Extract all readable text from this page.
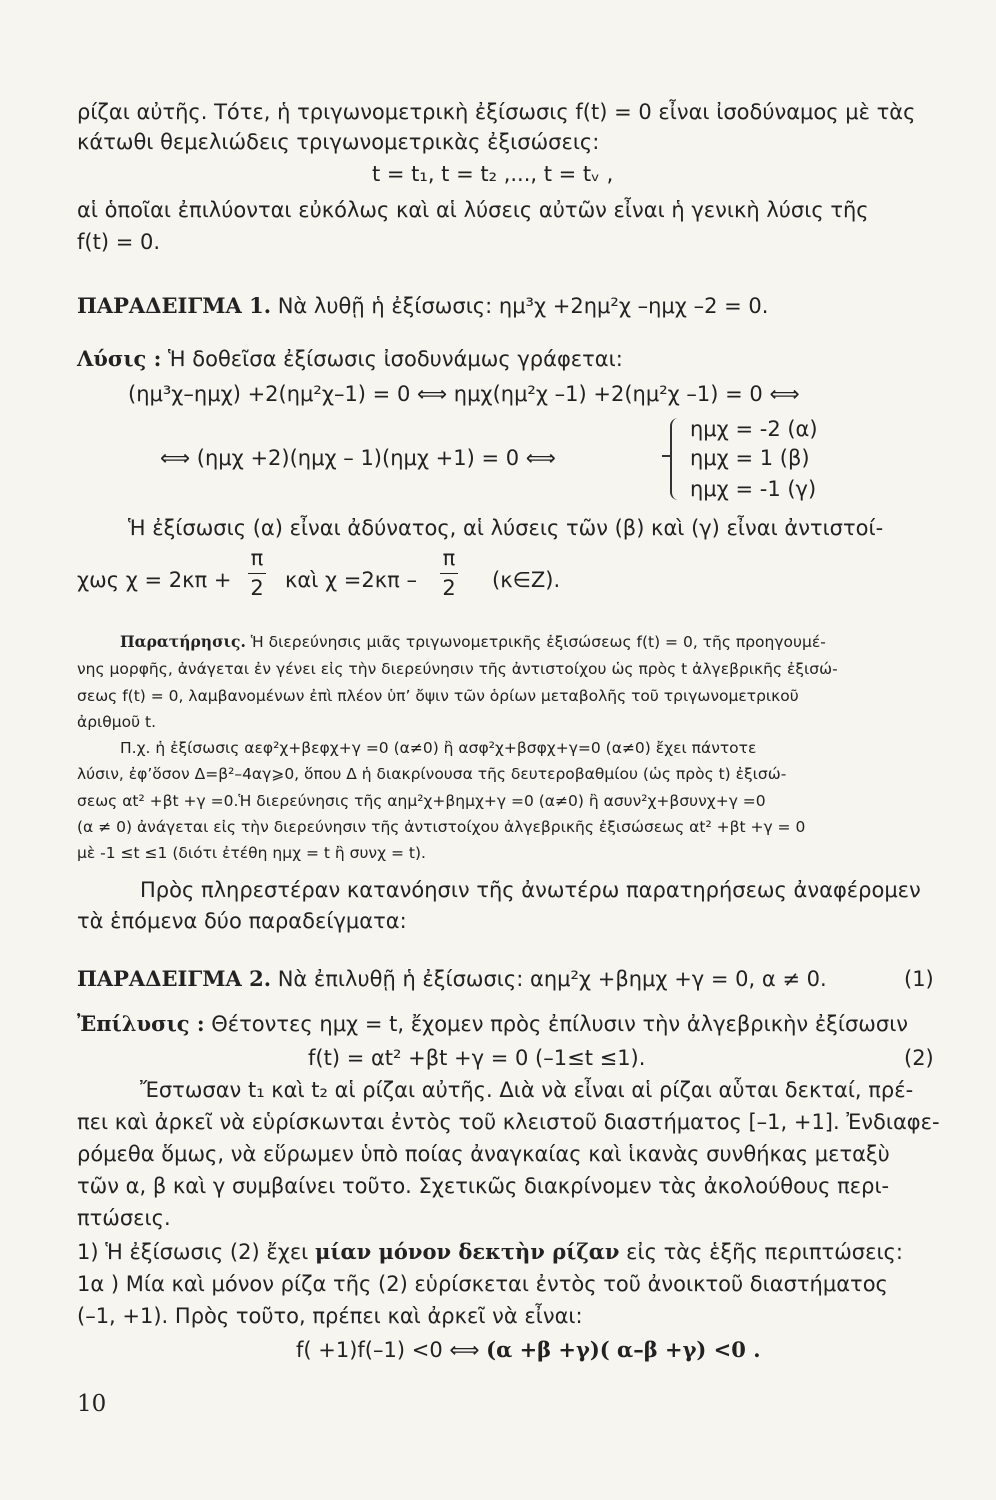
ρίζαι αὐτῆς. Τότε, ἡ τριγωνομετρικὴ ἐξίσωσις f(t) = 0 εἶναι ἰσοδύναμος μὲ τὰς
κάτωθι θεμελιώδεις τριγωνομετρικὰς ἐξισώσεις:
t = t₁, t = t₂ ,..., t = tᵥ ,
αἱ ὁποῖαι ἐπιλύονται εὐκόλως καὶ αἱ λύσεις αὐτῶν εἶναι ἡ γενικὴ λύσις τῆς
f(t) = 0.
ΠΑΡΑΔΕΙΓΜΑ 1. Νὰ λυθῇ ἡ ἐξίσωσις: ημ³χ +2ημ²χ –ημχ –2 = 0.
Λύσις : Ἡ δοθεῖσα ἐξίσωσις ἰσοδυνάμως γράφεται:
(ημ³χ–ημχ) +2(ημ²χ–1) = 0 ⟺ ημχ(ημ²χ –1) +2(ημ²χ –1) = 0 ⟺
⟺ (ημχ +2)(ημχ – 1)(ημχ +1) = 0 ⟺
ημχ = -2 (α)
ημχ = 1 (β)
ημχ = -1 (γ)
Ἡ ἐξίσωσις (α) εἶναι ἀδύνατος, αἱ λύσεις τῶν (β) καὶ (γ) εἶναι ἀντιστοί-
χως χ = 2κπ +
π
2 καὶ χ =2κπ –
π
2 (κ∈Ζ).
Παρατήρησις. Ἡ διερεύνησις μιᾶς τριγωνομετρικῆς ἐξισώσεως f(t) = 0, τῆς προηγουμέ-
νης μορφῆς, ἀνάγεται ἐν γένει εἰς τὴν διερεύνησιν τῆς ἀντιστοίχου ὡς πρὸς t ἀλγεβρικῆς ἐξισώ-
σεως f(t) = 0, λαμβανομένων ἐπὶ πλέον ὑπ’ ὄψιν τῶν ὁρίων μεταβολῆς τοῦ τριγωνομετρικοῦ
ἀριθμοῦ t.
Π.χ. ἡ ἐξίσωσις αεφ²χ+βεφχ+γ =0 (α≠0) ἢ ασφ²χ+βσφχ+γ=0 (α≠0) ἔχει πάντοτε
λύσιν, ἐφ’ὅσον Δ=β²–4αγ⩾0, ὅπου Δ ἡ διακρίνουσα τῆς δευτεροβαθμίου (ὡς πρὸς t) ἐξισώ-
σεως αt² +βt +γ =0.Ἡ διερεύνησις τῆς αημ²χ+βημχ+γ =0 (α≠0) ἢ ασυν²χ+βσυνχ+γ =0
(α ≠ 0) ἀνάγεται εἰς τὴν διερεύνησιν τῆς ἀντιστοίχου ἀλγεβρικῆς ἐξισώσεως αt² +βt +γ = 0
μὲ -1 ≤t ≤1 (διότι ἐτέθη ημχ = t ἢ συνχ = t).
Πρὸς πληρεστέραν κατανόησιν τῆς ἀνωτέρω παρατηρήσεως ἀναφέρομεν
τὰ ἑπόμενα δύο παραδείγματα:
ΠΑΡΑΔΕΙΓΜΑ 2. Νὰ ἐπιλυθῇ ἡ ἐξίσωσις: αημ²χ +βημχ +γ = 0, α ≠ 0.	(1)
Ἐπίλυσις : Θέτοντες ημχ = t, ἔχομεν πρὸς ἐπίλυσιν τὴν ἀλγεβρικὴν ἐξίσωσιν
f(t) = αt² +βt +γ = 0 (–1≤t ≤1).	(2)
Ἔστωσαν t₁ καὶ t₂ αἱ ρίζαι αὐτῆς. Διὰ νὰ εἶναι αἱ ρίζαι αὗται δεκταί, πρέ-
πει καὶ ἀρκεῖ νὰ εὑρίσκωνται ἐντὸς τοῦ κλειστοῦ διαστήματος [–1, +1]. Ἐνδιαφε-
ρόμεθα ὅμως, νὰ εὕρωμεν ὑπὸ ποίας ἀναγκαίας καὶ ἱκανὰς συνθήκας μεταξὺ
τῶν α, β καὶ γ συμβαίνει τοῦτο. Σχετικῶς διακρίνομεν τὰς ἀκολούθους περι-
πτώσεις.
1) Ἡ ἐξίσωσις (2) ἔχει μίαν μόνον δεκτὴν ρίζαν εἰς τὰς ἑξῆς περιπτώσεις:
1α ) Μία καὶ μόνον ρίζα τῆς (2) εὑρίσκεται ἐντὸς τοῦ ἀνοικτοῦ διαστήματος
(–1, +1). Πρὸς τοῦτο, πρέπει καὶ ἀρκεῖ νὰ εἶναι:
f( +1)f(–1) <0 ⟺ (α +β +γ)( α–β +γ) <0 .
10
